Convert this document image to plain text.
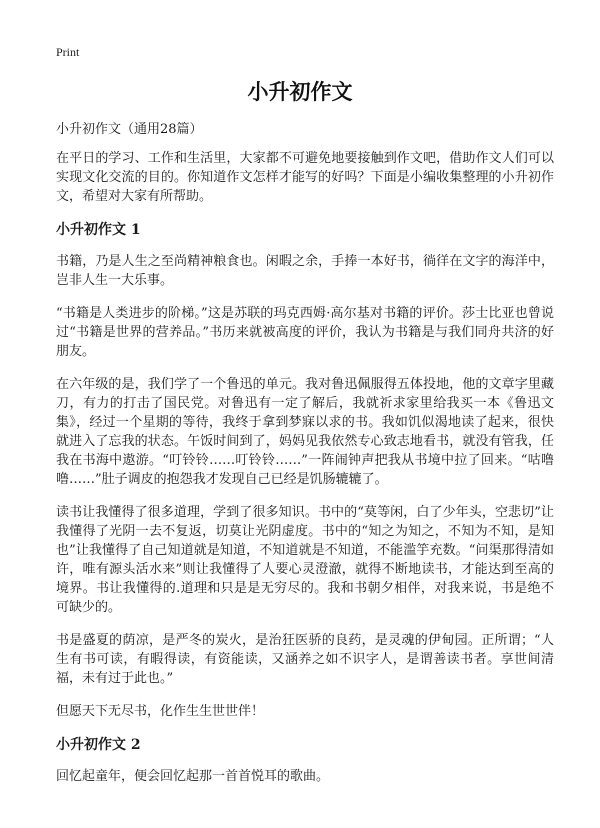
Print
小升初作文
小升初作文（通用28篇）

在平日的学习、工作和生活里，大家都不可避免地要接触到作文吧，借助作文人们可以实现文化交流的目的。你知道作文怎样才能写的好吗？下面是小编收集整理的小升初作文，希望对大家有所帮助。

小升初作文 1

书籍，乃是人生之至尚精神粮食也。闲暇之余，手捧一本好书，徜徉在文字的海洋中，岂非人生一大乐事。

“书籍是人类进步的阶梯。”这是苏联的玛克西姆·高尔基对书籍的评价。莎士比亚也曾说过“书籍是世界的营养品。”书历来就被高度的评价，我认为书籍是与我们同舟共济的好朋友。

在六年级的是，我们学了一个鲁迅的单元。我对鲁迅佩服得五体投地，他的文章字里藏刀，有力的打击了国民党。对鲁迅有一定了解后，我就祈求家里给我买一本《鲁迅文集》，经过一个星期的等待，我终于拿到梦寐以求的书。我如饥似渴地读了起来，很快就进入了忘我的状态。午饭时间到了，妈妈见我依然专心致志地看书，就没有管我，任我在书海中遨游。“叮铃铃……叮铃铃……”一阵闹钟声把我从书境中拉了回来。“咕噜噜……”肚子调皮的抱怨我才发现自己已经是饥肠辘辘了。

读书让我懂得了很多道理，学到了很多知识。书中的“莫等闲，白了少年头，空悲切”让我懂得了光阴一去不复返，切莫让光阴虚度。书中的“知之为知之，不知为不知，是知也”让我懂得了自己知道就是知道，不知道就是不知道，不能滥竽充数。“问渠那得清如许，唯有源头活水来”则让我懂得了人要心灵澄澈，就得不断地读书，才能达到至高的境界。书让我懂得的.道理和只是是无穷尽的。我和书朝夕相伴，对我来说，书是绝不可缺少的。

书是盛夏的荫凉，是严冬的炭火，是治狂医骄的良药，是灵魂的伊甸园。正所谓；“人生有书可读，有暇得读，有资能读，又涵养之如不识字人，是谓善读书者。享世间清福，未有过于此也。”

但愿天下无尽书，化作生生世世伴！

小升初作文 2

回忆起童年，便会回忆起那一首首悦耳的歌曲。
